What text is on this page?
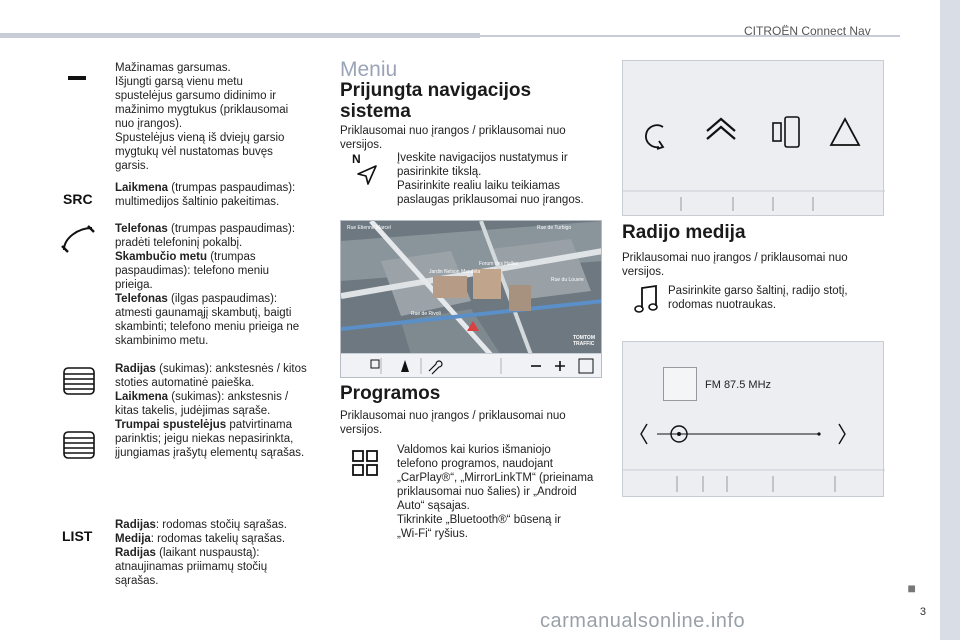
CITROËN Connect Nav
Mažinamas garsumas.
Išjungti garsą vienu metu
spustelėjus garsumo didinimo ir
mažinimo mygtukus (priklausomai
nuo įrangos).
Spustelėjus vieną iš dviejų garsio
mygtukų vėl nustatomas buvęs
garsis.
SRC
Laikmena (trumpas paspaudimas):
multimedijos šaltinio pakeitimas.
Telefonas (trumpas paspaudimas):
pradėti telefoninį pokalbį.
Skambučio metu (trumpas
paspaudimas): telefono meniu
prieiga.
Telefonas (ilgas paspaudimas):
atmesti gaunamąjį skambutį, baigti
skambinti; telefono meniu prieiga ne
skambinimo metu.
Radijas (sukimas): ankstesnės / kitos
stoties automatinė paieška.
Laikmena (sukimas): ankstesnis /
kitas takelis, judėjimas sąraše.
Trumpai spustelėjus patvirtinama
parinktis; jeigu niekas nepasirinkta,
įjungiamas įrašytų elementų sąrašas.
LIST
Radijas: rodomas stočių sąrašas.
Medija: rodomas takelių sąrašas.
Radijas (laikant nuspaustą):
atnaujinamas priimamų stočių
sąrašas.
Meniu
Prijungta navigacijos
sistema
Priklausomai nuo įrangos / priklausomai nuo
versijos.
N	Įveskite navigacijos nustatymus ir
pasirinkite tikslą.
Pasirinkite realiu laiku teikiamas
paslaugas priklausomai nuo įrangos.
Rue Etienne Marcel	Rue de Turbigo
Jardin Nelson Mandela
Forum des Halles
Rue de Rivoli
Rue du Louvre
TOMTOM
TRAFFIC
Programos
Priklausomai nuo įrangos / priklausomai nuo
versijos.
Valdomos kai kurios išmaniojo
telefono programos, naudojant
„CarPlay®“, „MirrorLinkTM“ (prieinama
priklausomai nuo šalies) ir „Android
Auto“ sąsajas.
Tikrinkite „Bluetooth®“ būseną ir
„Wi-Fi“ ryšius.
Radijo medija
Priklausomai nuo įrangos / priklausomai nuo
versijos.
Pasirinkite garso šaltinį, radijo stotį,
rodomas nuotraukas.
FM 87.5 MHz
■
3
carmanualsonline.info
